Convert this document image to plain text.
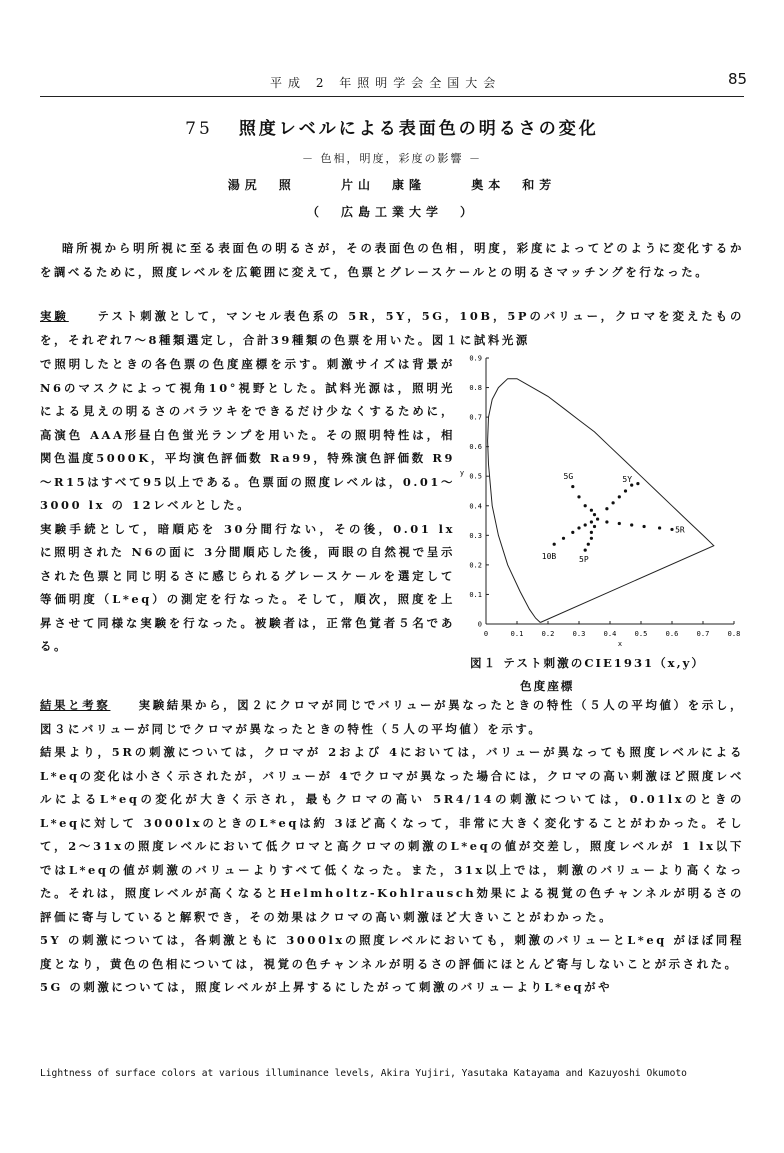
平成 2 年照明学会全国大会	85
75 照度レベルによる表面色の明るさの変化
－ 色相，明度，彩度の影響 －
湯尻　照	片山　康隆	奥本　和芳
（　広島工業大学　）
暗所視から明所視に至る表面色の明るさが，その表面色の色相，明度，彩度によってどのように変化するかを調べるために，照度レベルを広範囲に変えて，色票とグレースケールとの明るさマッチングを行なった。
実験　　テスト刺激として，マンセル表色系の 5R，5Y，5G，10B，5Pのバリュー，クロマを変えたものを，それぞれ7～8種類選定し，合計39種類の色票を用いた。図１に試料光源
で照明したときの各色票の色度座標を示す。刺激サイズは背景がN6のマスクによって視角10°視野とした。試料光源は，照明光による見えの明るさのバラツキをできるだけ少なくするために，高演色 AAA形昼白色蛍光ランプを用いた。その照明特性は，相関色温度5000K，平均演色評価数 Ra99，特殊演色評価数 R9～R15はすべて95以上である。色票面の照度レベルは，0.01～3000 lx の 12レベルとした。
実験手続として，暗順応を 30分間行ない，その後，0.01 lx に照明された N6の面に 3分間順応した後，両眼の自然視で呈示された色票と同じ明るさに感じられるグレースケールを選定して等価明度（L*eq）の測定を行なった。そして，順次，照度を上昇させて同様な実験を行なった。被験者は，正常色覚者５名である。
0	0.1	0.2	0.3	0.4	0.5	0.6	0.7	0.8
0
0.1
0.2
0.3
0.4
0.5
0.6
0.7
0.8
0.9
x
y
5R
5Y
5G
10B	5P
図１ テスト刺激のCIE1931（x,y）
色度座標
結果と考察　　実験結果から，図２にクロマが同じでバリューが異なったときの特性（５人の平均値）を示し，図３にバリューが同じでクロマが異なったときの特性（５人の平均値）を示す。
結果より，5Rの刺激については，クロマが 2および 4においては，バリューが異なっても照度レベルによるL*eqの変化は小さく示されたが，バリューが 4でクロマが異なった場合には，クロマの高い刺激ほど照度レベルによるL*eqの変化が大きく示され，最もクロマの高い 5R4/14の刺激については，0.01lxのときのL*eqに対して 3000lxのときのL*eqは約 3ほど高くなって，非常に大きく変化することがわかった。そして，2～31xの照度レベルにおいて低クロマと高クロマの刺激のL*eqの値が交差し，照度レベルが 1 lx以下ではL*eqの値が刺激のバリューよりすべて低くなった。また，31x以上では，刺激のバリューより高くなった。それは，照度レベルが高くなるとHelmholtz-Kohlrausch効果による視覚の色チャンネルが明るさの評価に寄与していると解釈でき，その効果はクロマの高い刺激ほど大きいことがわかった。
5Y の刺激については，各刺激ともに 3000lxの照度レベルにおいても，刺激のバリューとL*eq がほぼ同程度となり，黄色の色相については，視覚の色チャンネルが明るさの評価にほとんど寄与しないことが示された。
5G の刺激については，照度レベルが上昇するにしたがって刺激のバリューよりL*eqがや
Lightness of surface colors at various illuminance levels, Akira Yujiri, Yasutaka Katayama and Kazuyoshi Okumoto
